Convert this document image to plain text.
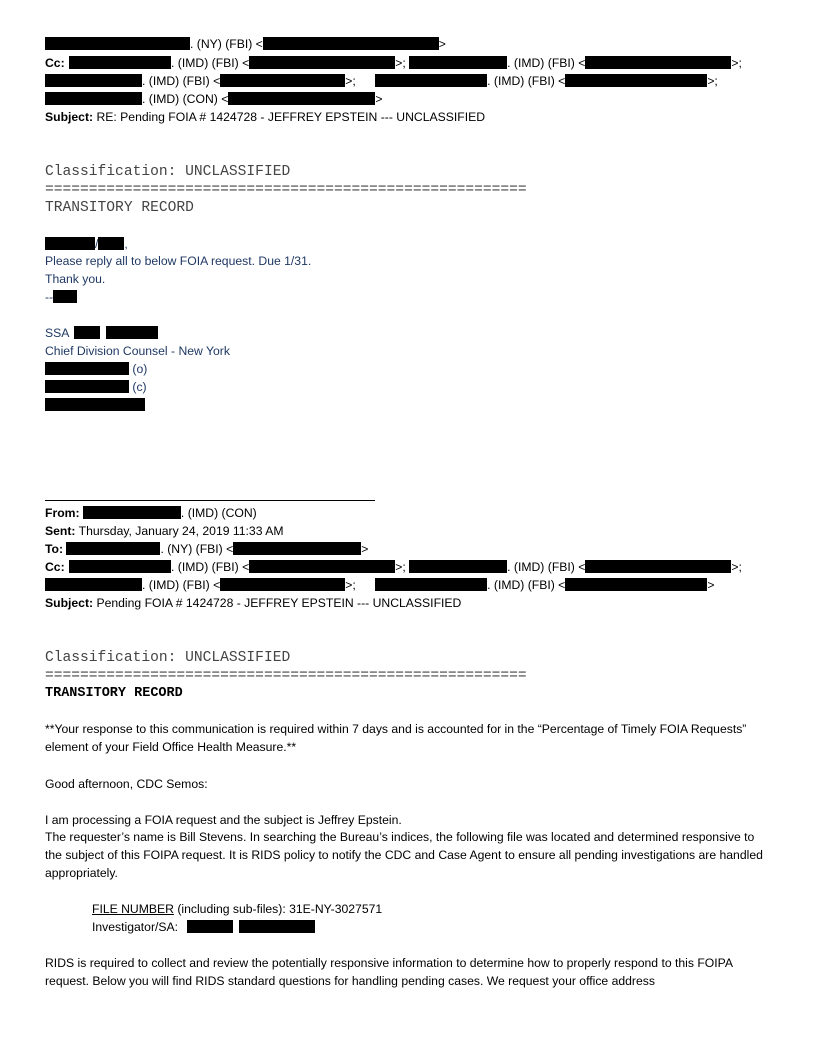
. (NY) (FBI) <	>
Cc:	. (IMD) (FBI) <	>;	. (IMD) (FBI) <	>;
. (IMD) (FBI) <	>;	. (IMD) (FBI) <	>;
. (IMD) (CON) <	>
Subject: RE: Pending FOIA # 1424728 - JEFFREY EPSTEIN --- UNCLASSIFIED
Classification: UNCLASSIFIED
=======================================================
TRANSITORY RECORD
/ ,
Please reply all to below FOIA request. Due 1/31.
Thank you.
--
SSA
Chief Division Counsel - New York
(o)
(c)
From:	. (IMD) (CON)
Sent: Thursday, January 24, 2019 11:33 AM
To:	. (NY) (FBI) <	>
Cc:	. (IMD) (FBI) <	>;	. (IMD) (FBI) <	>;
. (IMD) (FBI) <	>;	. (IMD) (FBI) <	>
Subject: Pending FOIA # 1424728 - JEFFREY EPSTEIN --- UNCLASSIFIED
Classification: UNCLASSIFIED
=======================================================
TRANSITORY RECORD
**Your response to this communication is required within 7 days and is accounted for in the “Percentage of Timely FOIA Requests” element of your Field Office Health Measure.**
Good afternoon, CDC Semos:
I am processing a FOIA request and the subject is Jeffrey Epstein.
The requester’s name is Bill Stevens. In searching the Bureau’s indices, the following file was located and determined responsive to the subject of this FOIPA request. It is RIDS policy to notify the CDC and Case Agent to ensure all pending investigations are handled appropriately.
FILE NUMBER (including sub-files): 31E-NY-3027571
Investigator/SA:
RIDS is required to collect and review the potentially responsive information to determine how to properly respond to this FOIPA request. Below you will find RIDS standard questions for handling pending cases. We request your office address
